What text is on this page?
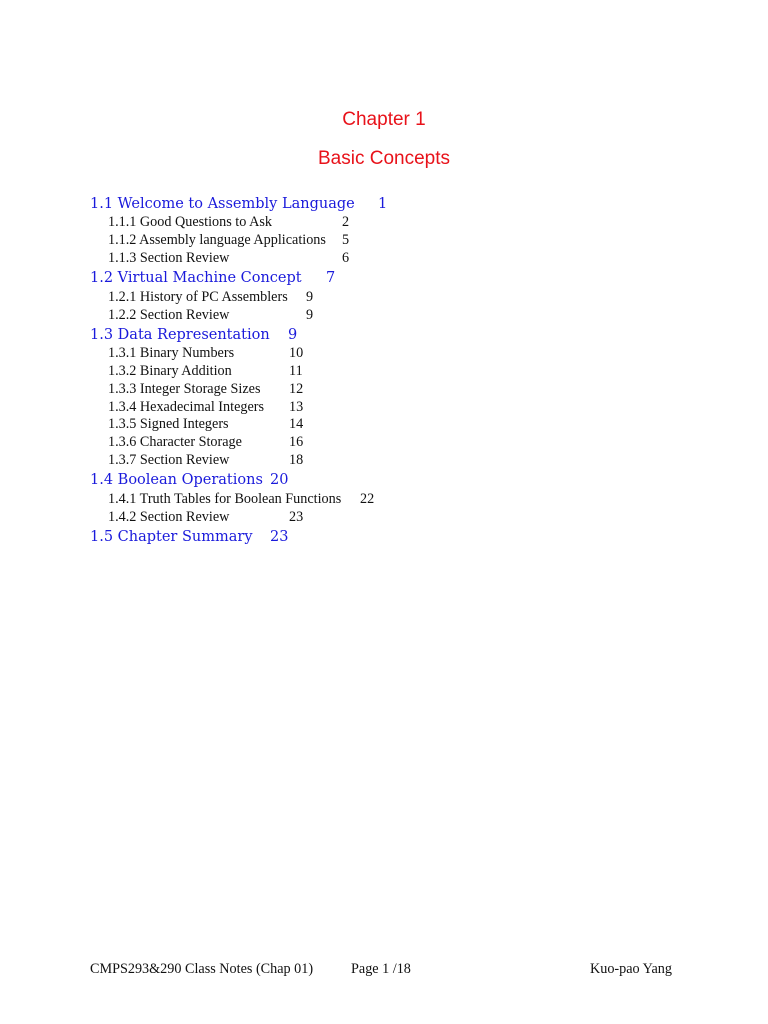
Chapter 1
Basic Concepts
1.1 Welcome to Assembly Language 1
1.1.1 Good Questions to Ask	2
1.1.2 Assembly language Applications 5
1.1.3 Section Review	6
1.2 Virtual Machine Concept 7
1.2.1 History of PC Assemblers 9
1.2.2 Section Review	9
1.3 Data Representation 9
1.3.1 Binary Numbers	10
1.3.2 Binary Addition	11
1.3.3 Integer Storage Sizes 12
1.3.4 Hexadecimal Integers 13
1.3.5 Signed Integers	14
1.3.6 Character Storage	16
1.3.7 Section Review	18
1.4 Boolean Operations 20
1.4.1 Truth Tables for Boolean Functions 22
1.4.2 Section Review	23
1.5 Chapter Summary 23
CMPS293&290 Class Notes (Chap 01)	Page 1 /18	Kuo-pao Yang
